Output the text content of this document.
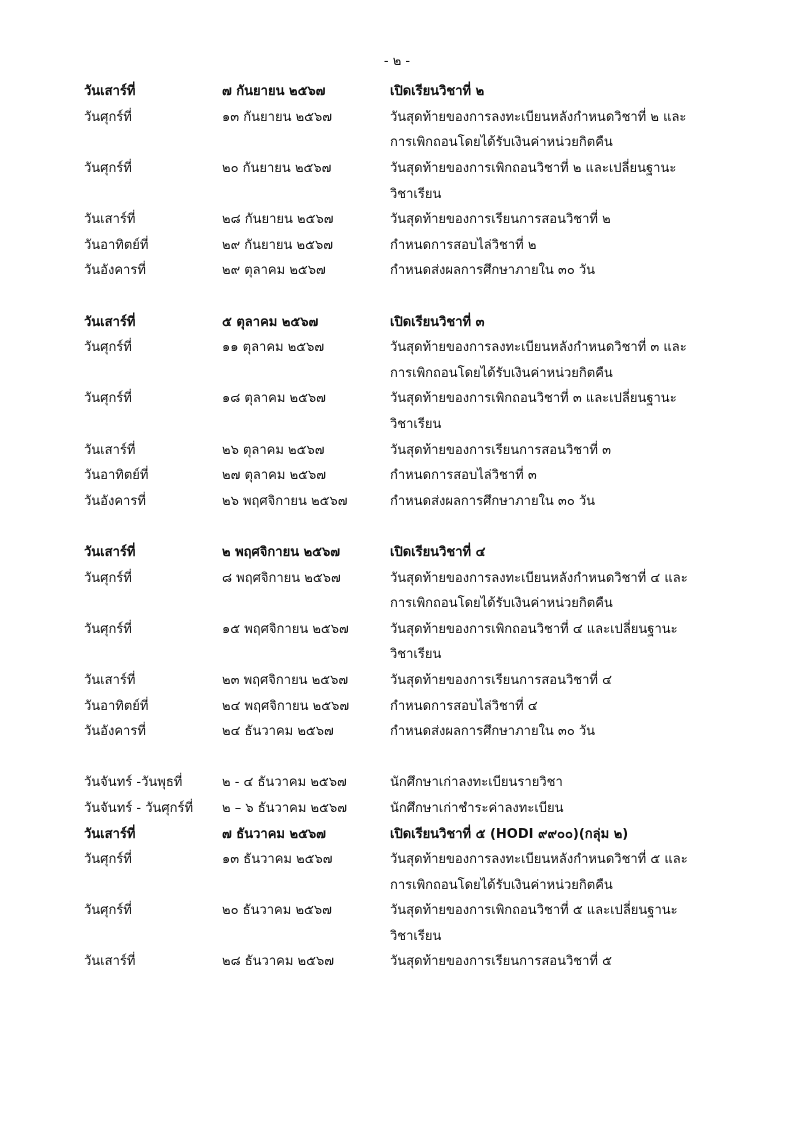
- ๒ -
วันเสาร์ที่	๗ กันยายน ๒๕๖๗	เปิดเรียนวิชาที่ ๒
วันศุกร์ที่	๑๓ กันยายน ๒๕๖๗	วันสุดท้ายของการลงทะเบียนหลังกำหนดวิชาที่ ๒ และ
การเพิกถอนโดยได้รับเงินค่าหน่วยกิตคืน
วันศุกร์ที่	๒๐ กันยายน ๒๕๖๗	วันสุดท้ายของการเพิกถอนวิชาที่ ๒ และเปลี่ยนฐานะ
วิชาเรียน
วันเสาร์ที่	๒๘ กันยายน ๒๕๖๗	วันสุดท้ายของการเรียนการสอนวิชาที่ ๒
วันอาทิตย์ที่	๒๙ กันยายน ๒๕๖๗	กำหนดการสอบไล่วิชาที่ ๒
วันอังคารที่	๒๙ ตุลาคม ๒๕๖๗	กำหนดส่งผลการศึกษาภายใน ๓๐ วัน
วันเสาร์ที่	๕ ตุลาคม ๒๕๖๗	เปิดเรียนวิชาที่ ๓
วันศุกร์ที่	๑๑ ตุลาคม ๒๕๖๗	วันสุดท้ายของการลงทะเบียนหลังกำหนดวิชาที่ ๓ และ
การเพิกถอนโดยได้รับเงินค่าหน่วยกิตคืน
วันศุกร์ที่	๑๘ ตุลาคม ๒๕๖๗	วันสุดท้ายของการเพิกถอนวิชาที่ ๓ และเปลี่ยนฐานะ
วิชาเรียน
วันเสาร์ที่	๒๖ ตุลาคม ๒๕๖๗	วันสุดท้ายของการเรียนการสอนวิชาที่ ๓
วันอาทิตย์ที่	๒๗ ตุลาคม ๒๕๖๗	กำหนดการสอบไล่วิชาที่ ๓
วันอังคารที่	๒๖ พฤศจิกายน ๒๕๖๗	กำหนดส่งผลการศึกษาภายใน ๓๐ วัน
วันเสาร์ที่	๒ พฤศจิกายน ๒๕๖๗	เปิดเรียนวิชาที่ ๔
วันศุกร์ที่	๘ พฤศจิกายน ๒๕๖๗	วันสุดท้ายของการลงทะเบียนหลังกำหนดวิชาที่ ๔ และ
การเพิกถอนโดยได้รับเงินค่าหน่วยกิตคืน
วันศุกร์ที่	๑๕ พฤศจิกายน ๒๕๖๗	วันสุดท้ายของการเพิกถอนวิชาที่ ๔ และเปลี่ยนฐานะ
วิชาเรียน
วันเสาร์ที่	๒๓ พฤศจิกายน ๒๕๖๗	วันสุดท้ายของการเรียนการสอนวิชาที่ ๔
วันอาทิตย์ที่	๒๔ พฤศจิกายน ๒๕๖๗	กำหนดการสอบไล่วิชาที่ ๔
วันอังคารที่	๒๔ ธันวาคม ๒๕๖๗	กำหนดส่งผลการศึกษาภายใน ๓๐ วัน
วันจันทร์ -วันพุธที่	๒ - ๔ ธันวาคม ๒๕๖๗	นักศึกษาเก่าลงทะเบียนรายวิชา
วันจันทร์ - วันศุกร์ที่	๒ – ๖ ธันวาคม ๒๕๖๗	นักศึกษาเก่าชำระค่าลงทะเบียน
วันเสาร์ที่	๗ ธันวาคม ๒๕๖๗	เปิดเรียนวิชาที่ ๕ (HODI ๙๙๐๐)(กลุ่ม ๒)
วันศุกร์ที่	๑๓ ธันวาคม ๒๕๖๗	วันสุดท้ายของการลงทะเบียนหลังกำหนดวิชาที่ ๕ และ
การเพิกถอนโดยได้รับเงินค่าหน่วยกิตคืน
วันศุกร์ที่	๒๐ ธันวาคม ๒๕๖๗	วันสุดท้ายของการเพิกถอนวิชาที่ ๕ และเปลี่ยนฐานะ
วิชาเรียน
วันเสาร์ที่	๒๘ ธันวาคม ๒๕๖๗	วันสุดท้ายของการเรียนการสอนวิชาที่ ๕
